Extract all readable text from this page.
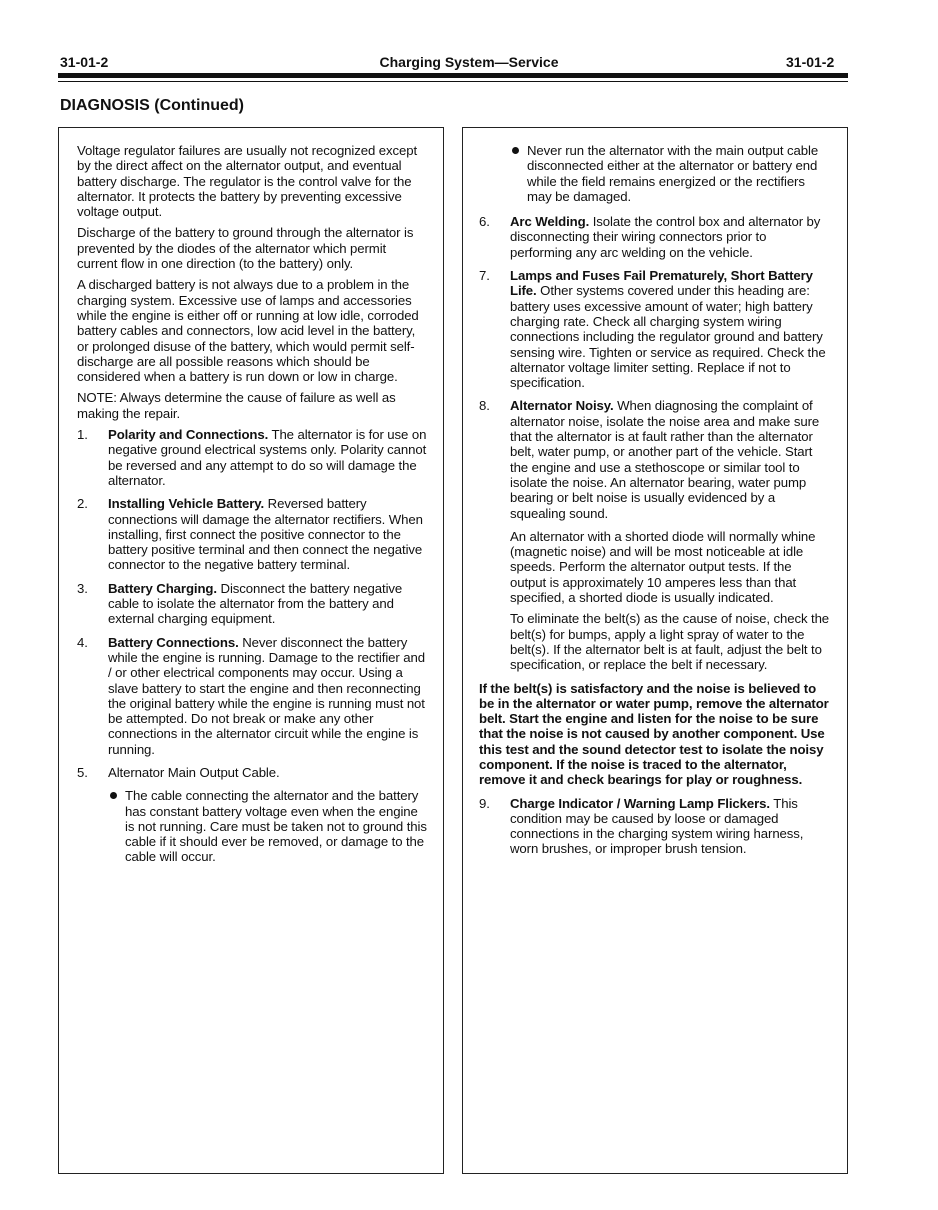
31-01-2	Charging System—Service	31-01-2
DIAGNOSIS (Continued)

Voltage regulator failures are usually not recognized except by the direct affect on the alternator output, and eventual battery discharge. The regulator is the control valve for the alternator. It protects the battery by preventing excessive voltage output.

Discharge of the battery to ground through the alternator is prevented by the diodes of the alternator which permit current flow in one direction (to the battery) only.

A discharged battery is not always due to a problem in the charging system. Excessive use of lamps and accessories while the engine is either off or running at low idle, corroded battery cables and connectors, low acid level in the battery, or prolonged disuse of the battery, which would permit self-discharge are all possible reasons which should be considered when a battery is run down or low in charge.

NOTE: Always determine the cause of failure as well as making the repair.

1. Polarity and Connections. The alternator is for use on negative ground electrical systems only. Polarity cannot be reversed and any attempt to do so will damage the alternator.
2. Installing Vehicle Battery. Reversed battery connections will damage the alternator rectifiers. When installing, first connect the positive connector to the battery positive terminal and then connect the negative connector to the negative battery terminal.
3. Battery Charging. Disconnect the battery negative cable to isolate the alternator from the battery and external charging equipment.
4. Battery Connections. Never disconnect the battery while the engine is running. Damage to the rectifier and / or other electrical components may occur. Using a slave battery to start the engine and then reconnecting the original battery while the engine is running must not be attempted. Do not break or make any other connections in the alternator circuit while the engine is running.
5. Alternator Main Output Cable.
The cable connecting the alternator and the battery has constant battery voltage even when the engine is not running. Care must be taken not to ground this cable if it should ever be removed, or damage to the cable will occur.
Never run the alternator with the main output cable disconnected either at the alternator or battery end while the field remains energized or the rectifiers may be damaged.
6. Arc Welding. Isolate the control box and alternator by disconnecting their wiring connectors prior to performing any arc welding on the vehicle.
7. Lamps and Fuses Fail Prematurely, Short Battery Life. Other systems covered under this heading are: battery uses excessive amount of water; high battery charging rate. Check all charging system wiring connections including the regulator ground and battery sensing wire. Tighten or service as required. Check the alternator voltage limiter setting. Replace if not to specification.
8. Alternator Noisy. When diagnosing the complaint of alternator noise, isolate the noise area and make sure that the alternator is at fault rather than the alternator belt, water pump, or another part of the vehicle. Start the engine and use a stethoscope or similar tool to isolate the noise. An alternator bearing, water pump bearing or belt noise is usually evidenced by a squealing sound.

An alternator with a shorted diode will normally whine (magnetic noise) and will be most noticeable at idle speeds. Perform the alternator output tests. If the output is approximately 10 amperes less than that specified, a shorted diode is usually indicated.

To eliminate the belt(s) as the cause of noise, check the belt(s) for bumps, apply a light spray of water to the belt(s). If the alternator belt is at fault, adjust the belt to specification, or replace the belt if necessary.

If the belt(s) is satisfactory and the noise is believed to be in the alternator or water pump, remove the alternator belt. Start the engine and listen for the noise to be sure that the noise is not caused by another component. Use this test and the sound detector test to isolate the noisy component. If the noise is traced to the alternator, remove it and check bearings for play or roughness.

9. Charge Indicator / Warning Lamp Flickers. This condition may be caused by loose or damaged connections in the charging system wiring harness, worn brushes, or improper brush tension.
